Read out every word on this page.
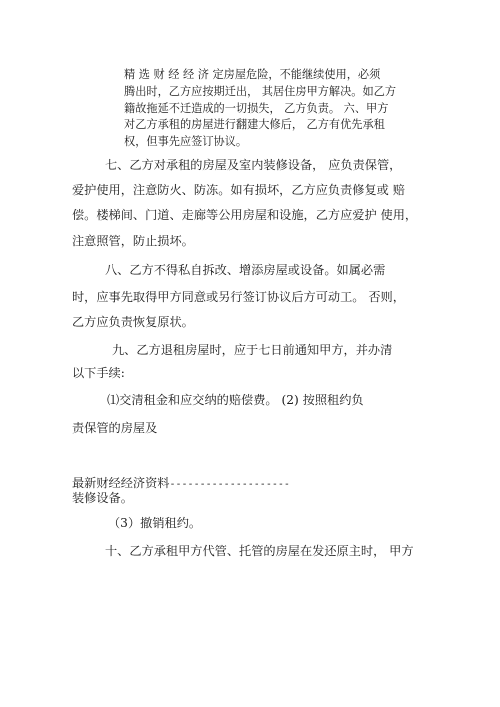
精 选 财 经 经 济 定房屋危险，不能继续使用，必须

腾出时，乙方应按期迁出， 其居住房甲方解决。如乙方

籍故拖延不迁造成的一切损失， 乙方负责。 六、甲方

对乙方承租的房屋进行翻建大修后， 乙方有优先承租

权，但事先应签订协议。

七、乙方对承租的房屋及室内装修设备， 应负责保管，

爱护使用，注意防火、防冻。如有损坏，乙方应负责修复或 赔

偿。楼梯间、门道、走廊等公用房屋和设施，乙方应爱护 使用，

注意照管，防止损坏。

八、乙方不得私自拆改、增添房屋或设备。如属必需

时，应事先取得甲方同意或另行签订协议后方可动工。 否则，

乙方应负责恢复原状。

九、乙方退租房屋时，应于七日前通知甲方，并办清

以下手续:

⑴交清租金和应交纳的赔偿费。 (2) 按照租约负

责保管的房屋及

最新财经经济资料--------------------

装修设备。

（3）撤销租约。

十、乙方承租甲方代管、托管的房屋在发还原主时， 甲方
